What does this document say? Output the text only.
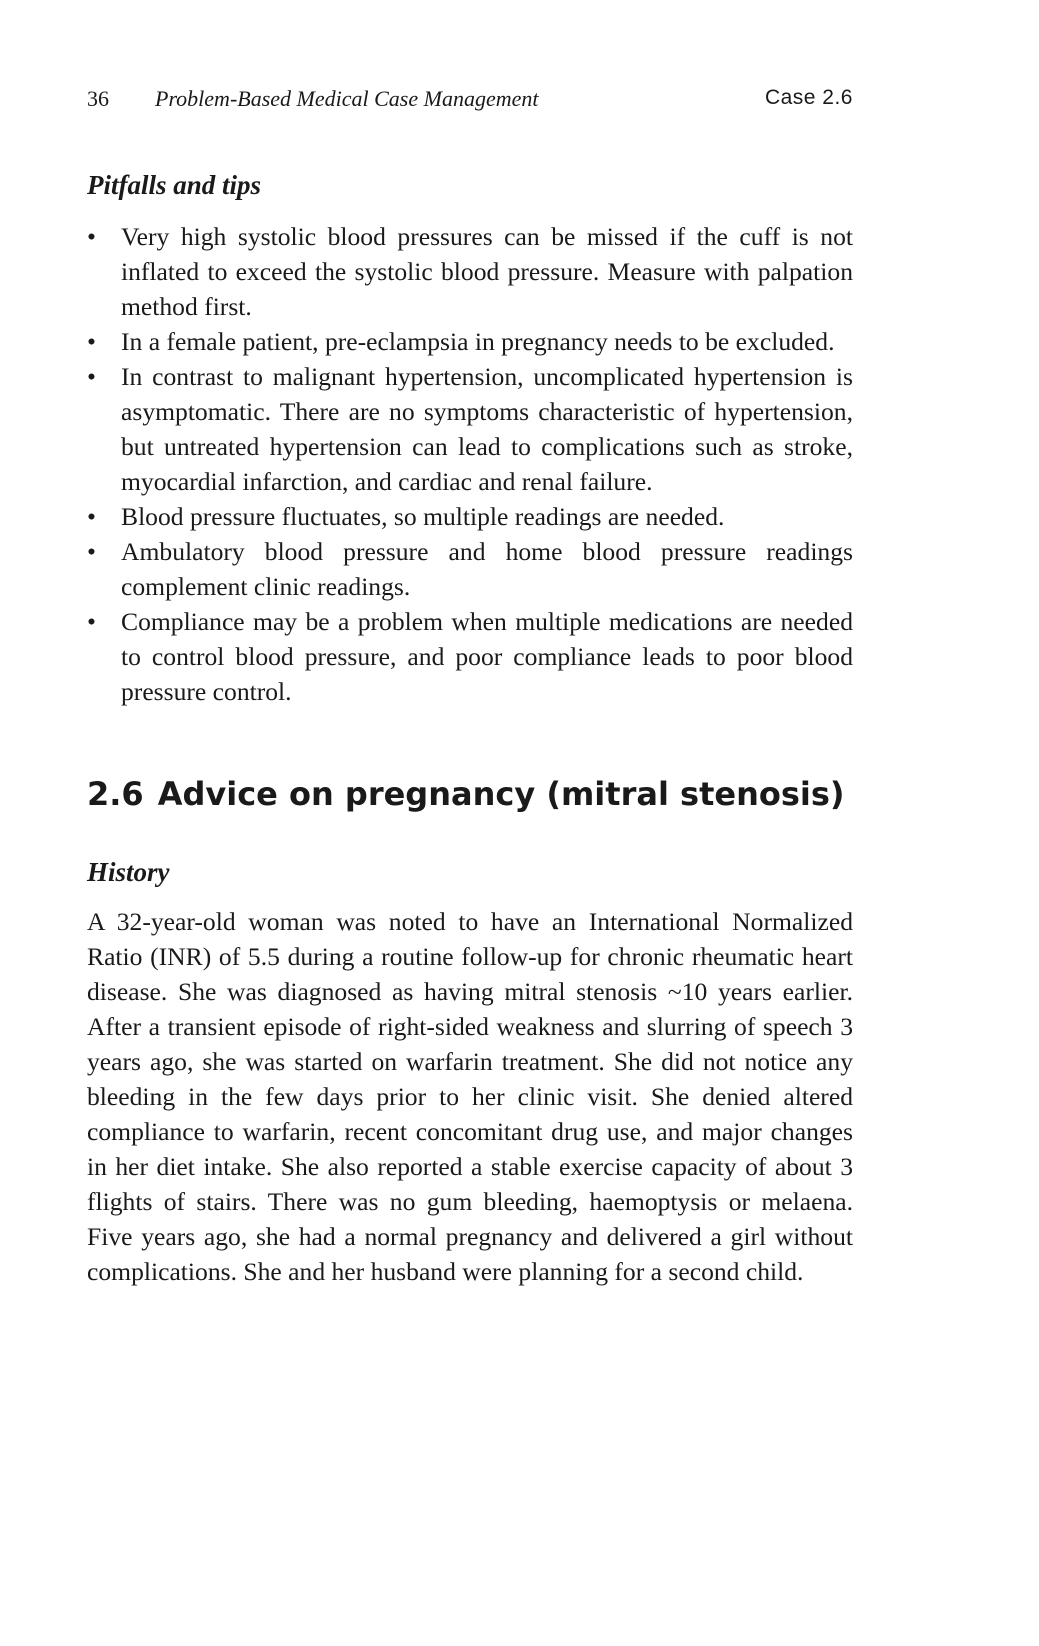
36 Problem-Based Medical Case Management	Case 2.6
Pitfalls and tips
• Very high systolic blood pressures can be missed if the cuff is not inflated to exceed the systolic blood pressure. Measure with palpation method first.
• In a female patient, pre-eclampsia in pregnancy needs to be excluded.
• In contrast to malignant hypertension, uncomplicated hypertension is asymptomatic. There are no symptoms characteristic of hypertension, but untreated hypertension can lead to complications such as stroke, myocardial infarction, and cardiac and renal failure.
• Blood pressure fluctuates, so multiple readings are needed.
• Ambulatory blood pressure and home blood pressure readings complement clinic readings.
• Compliance may be a problem when multiple medications are needed to control blood pressure, and poor compliance leads to poor blood pressure control.
2.6 Advice on pregnancy (mitral stenosis)
History

A 32-year-old woman was noted to have an International Normalized Ratio (INR) of 5.5 during a routine follow-up for chronic rheumatic heart disease. She was diagnosed as having mitral stenosis ~10 years earlier. After a transient episode of right-sided weakness and slurring of speech 3 years ago, she was started on warfarin treatment. She did not notice any bleeding in the few days prior to her clinic visit. She denied altered compliance to warfarin, recent concomitant drug use, and major changes in her diet intake. She also reported a stable exercise capacity of about 3 flights of stairs. There was no gum bleeding, haemoptysis or melaena. Five years ago, she had a normal pregnancy and delivered a girl without complications. She and her husband were planning for a second child.
